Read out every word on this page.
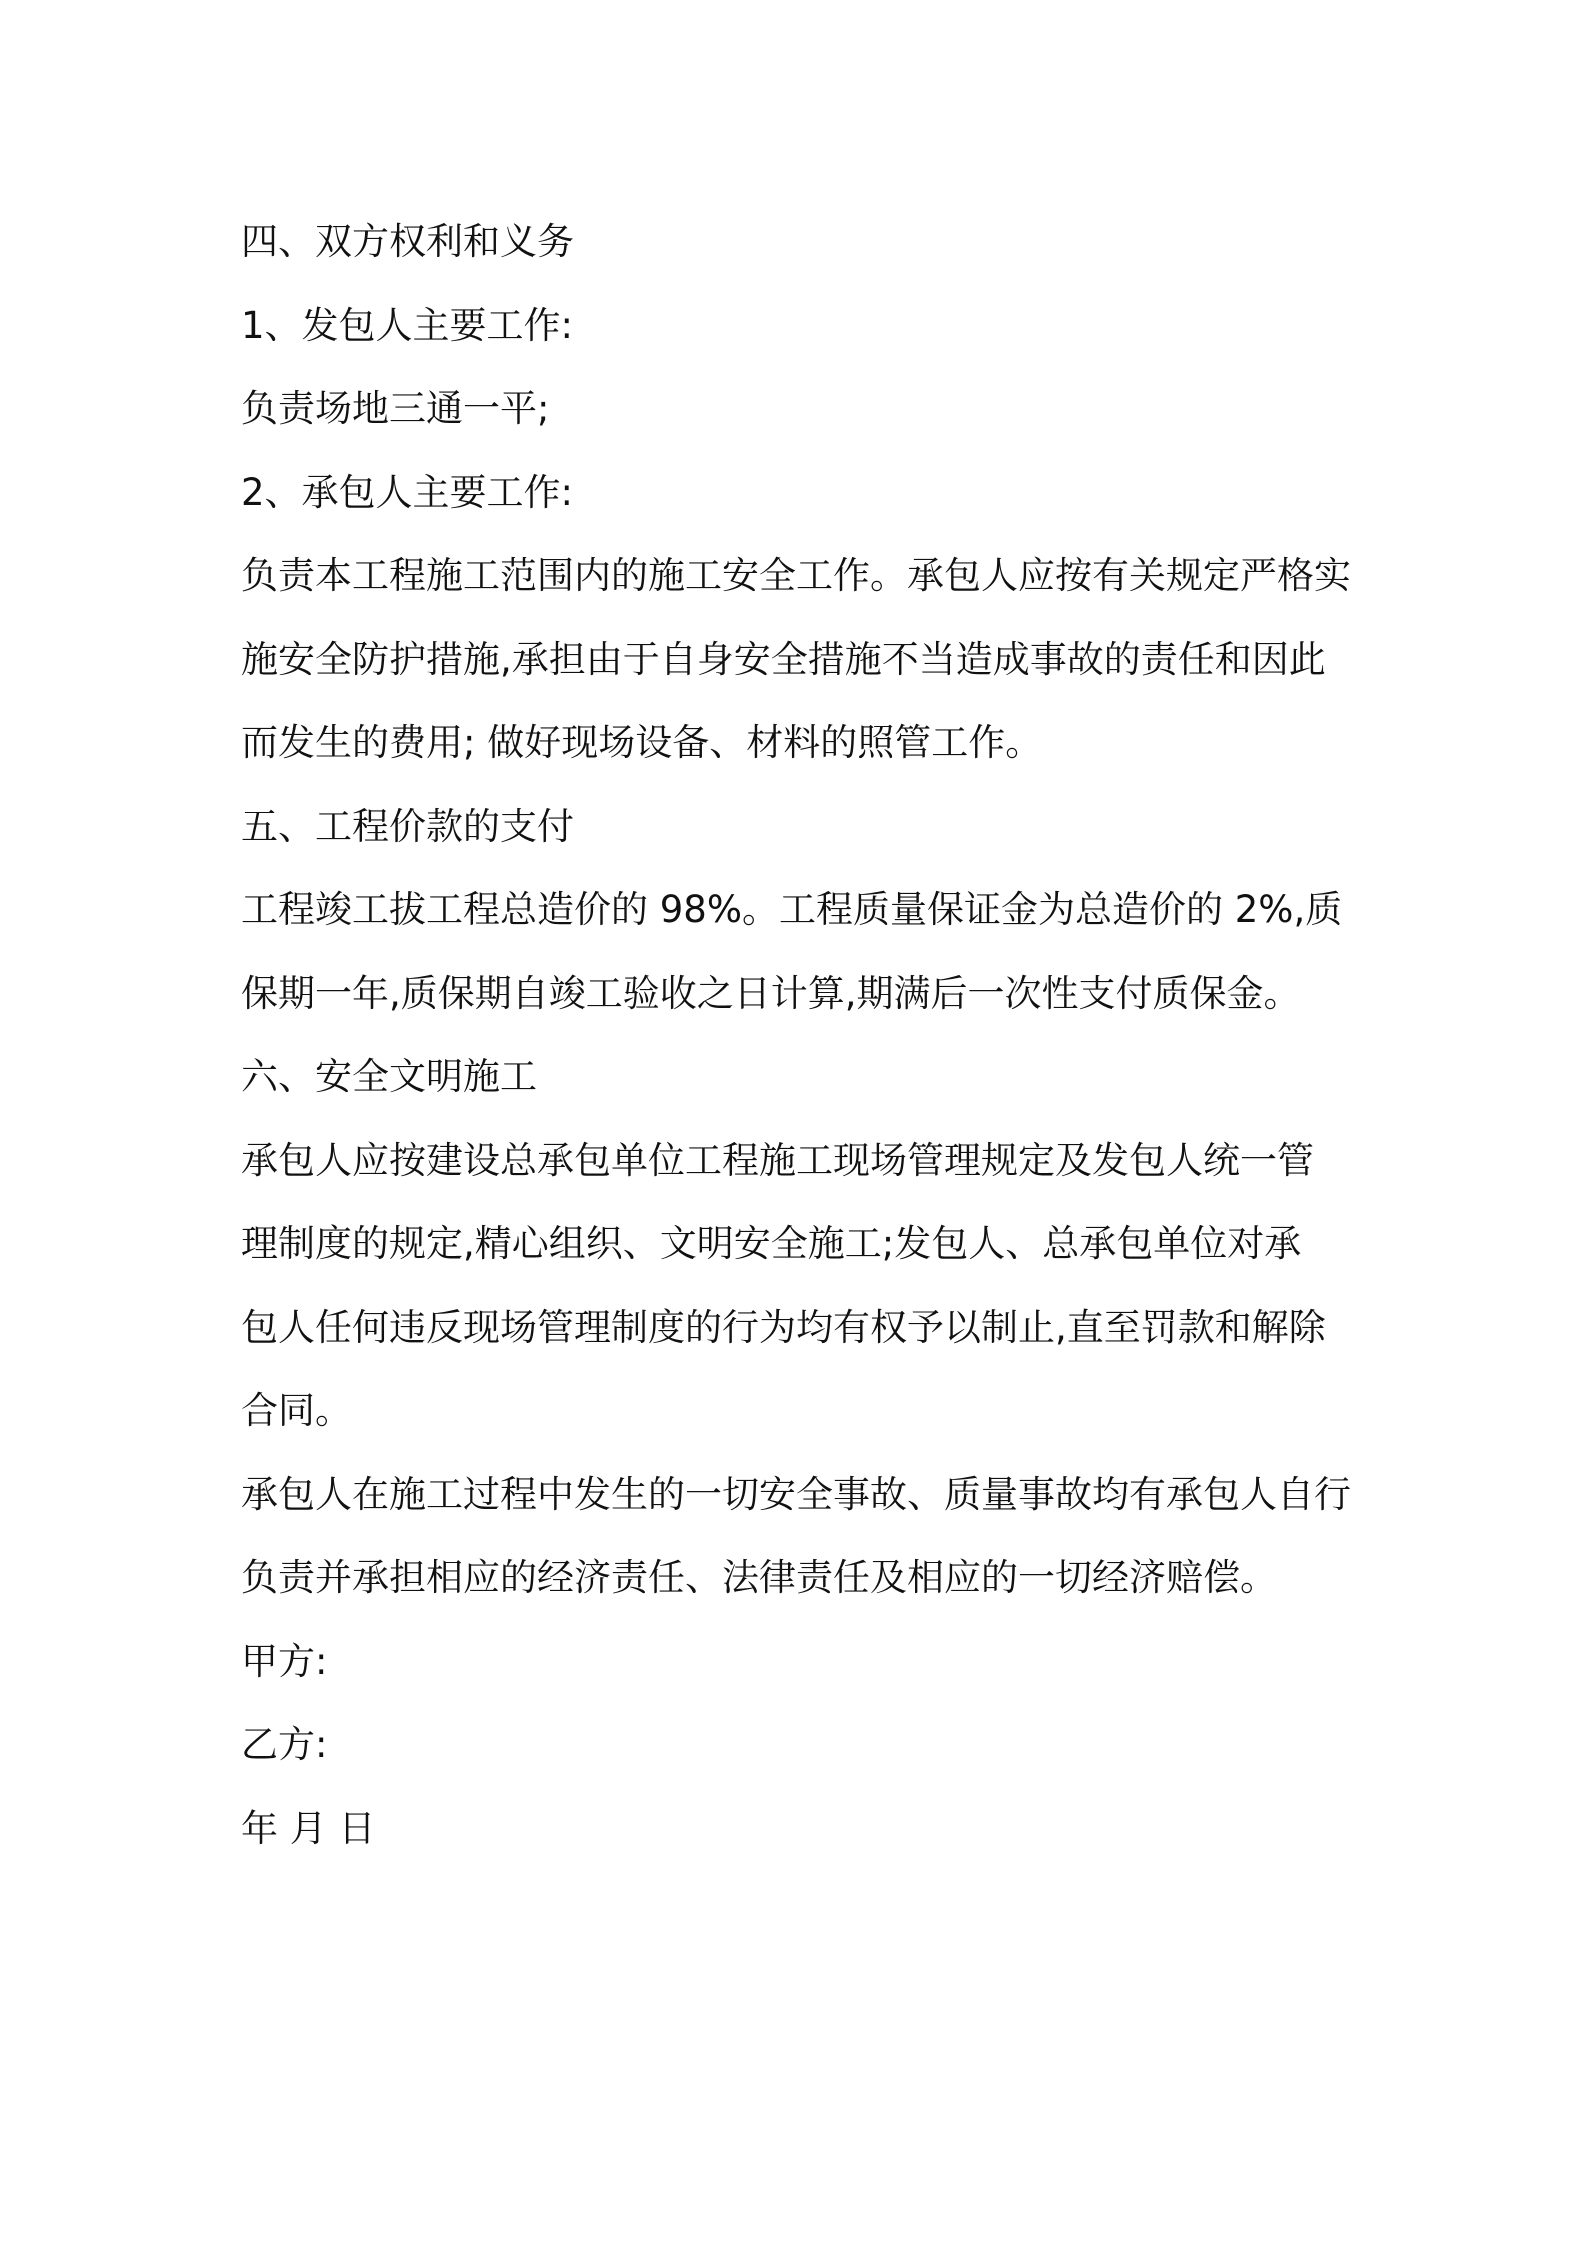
四、双方权利和义务

1、发包人主要工作:

负责场地三通一平;

2、承包人主要工作:

负责本工程施工范围内的施工安全工作。承包人应按有关规定严格实

施安全防护措施,承担由于自身安全措施不当造成事故的责任和因此

而发生的费用; 做好现场设备、材料的照管工作。

五、工程价款的支付

工程竣工拔工程总造价的 98%。工程质量保证金为总造价的 2%,质

保期一年,质保期自竣工验收之日计算,期满后一次性支付质保金。

六、安全文明施工

承包人应按建设总承包单位工程施工现场管理规定及发包人统一管

理制度的规定,精心组织、文明安全施工;发包人、总承包单位对承

包人任何违反现场管理制度的行为均有权予以制止,直至罚款和解除

合同。

承包人在施工过程中发生的一切安全事故、质量事故均有承包人自行

负责并承担相应的经济责任、法律责任及相应的一切经济赔偿。

甲方:

乙方:

年 月 日
